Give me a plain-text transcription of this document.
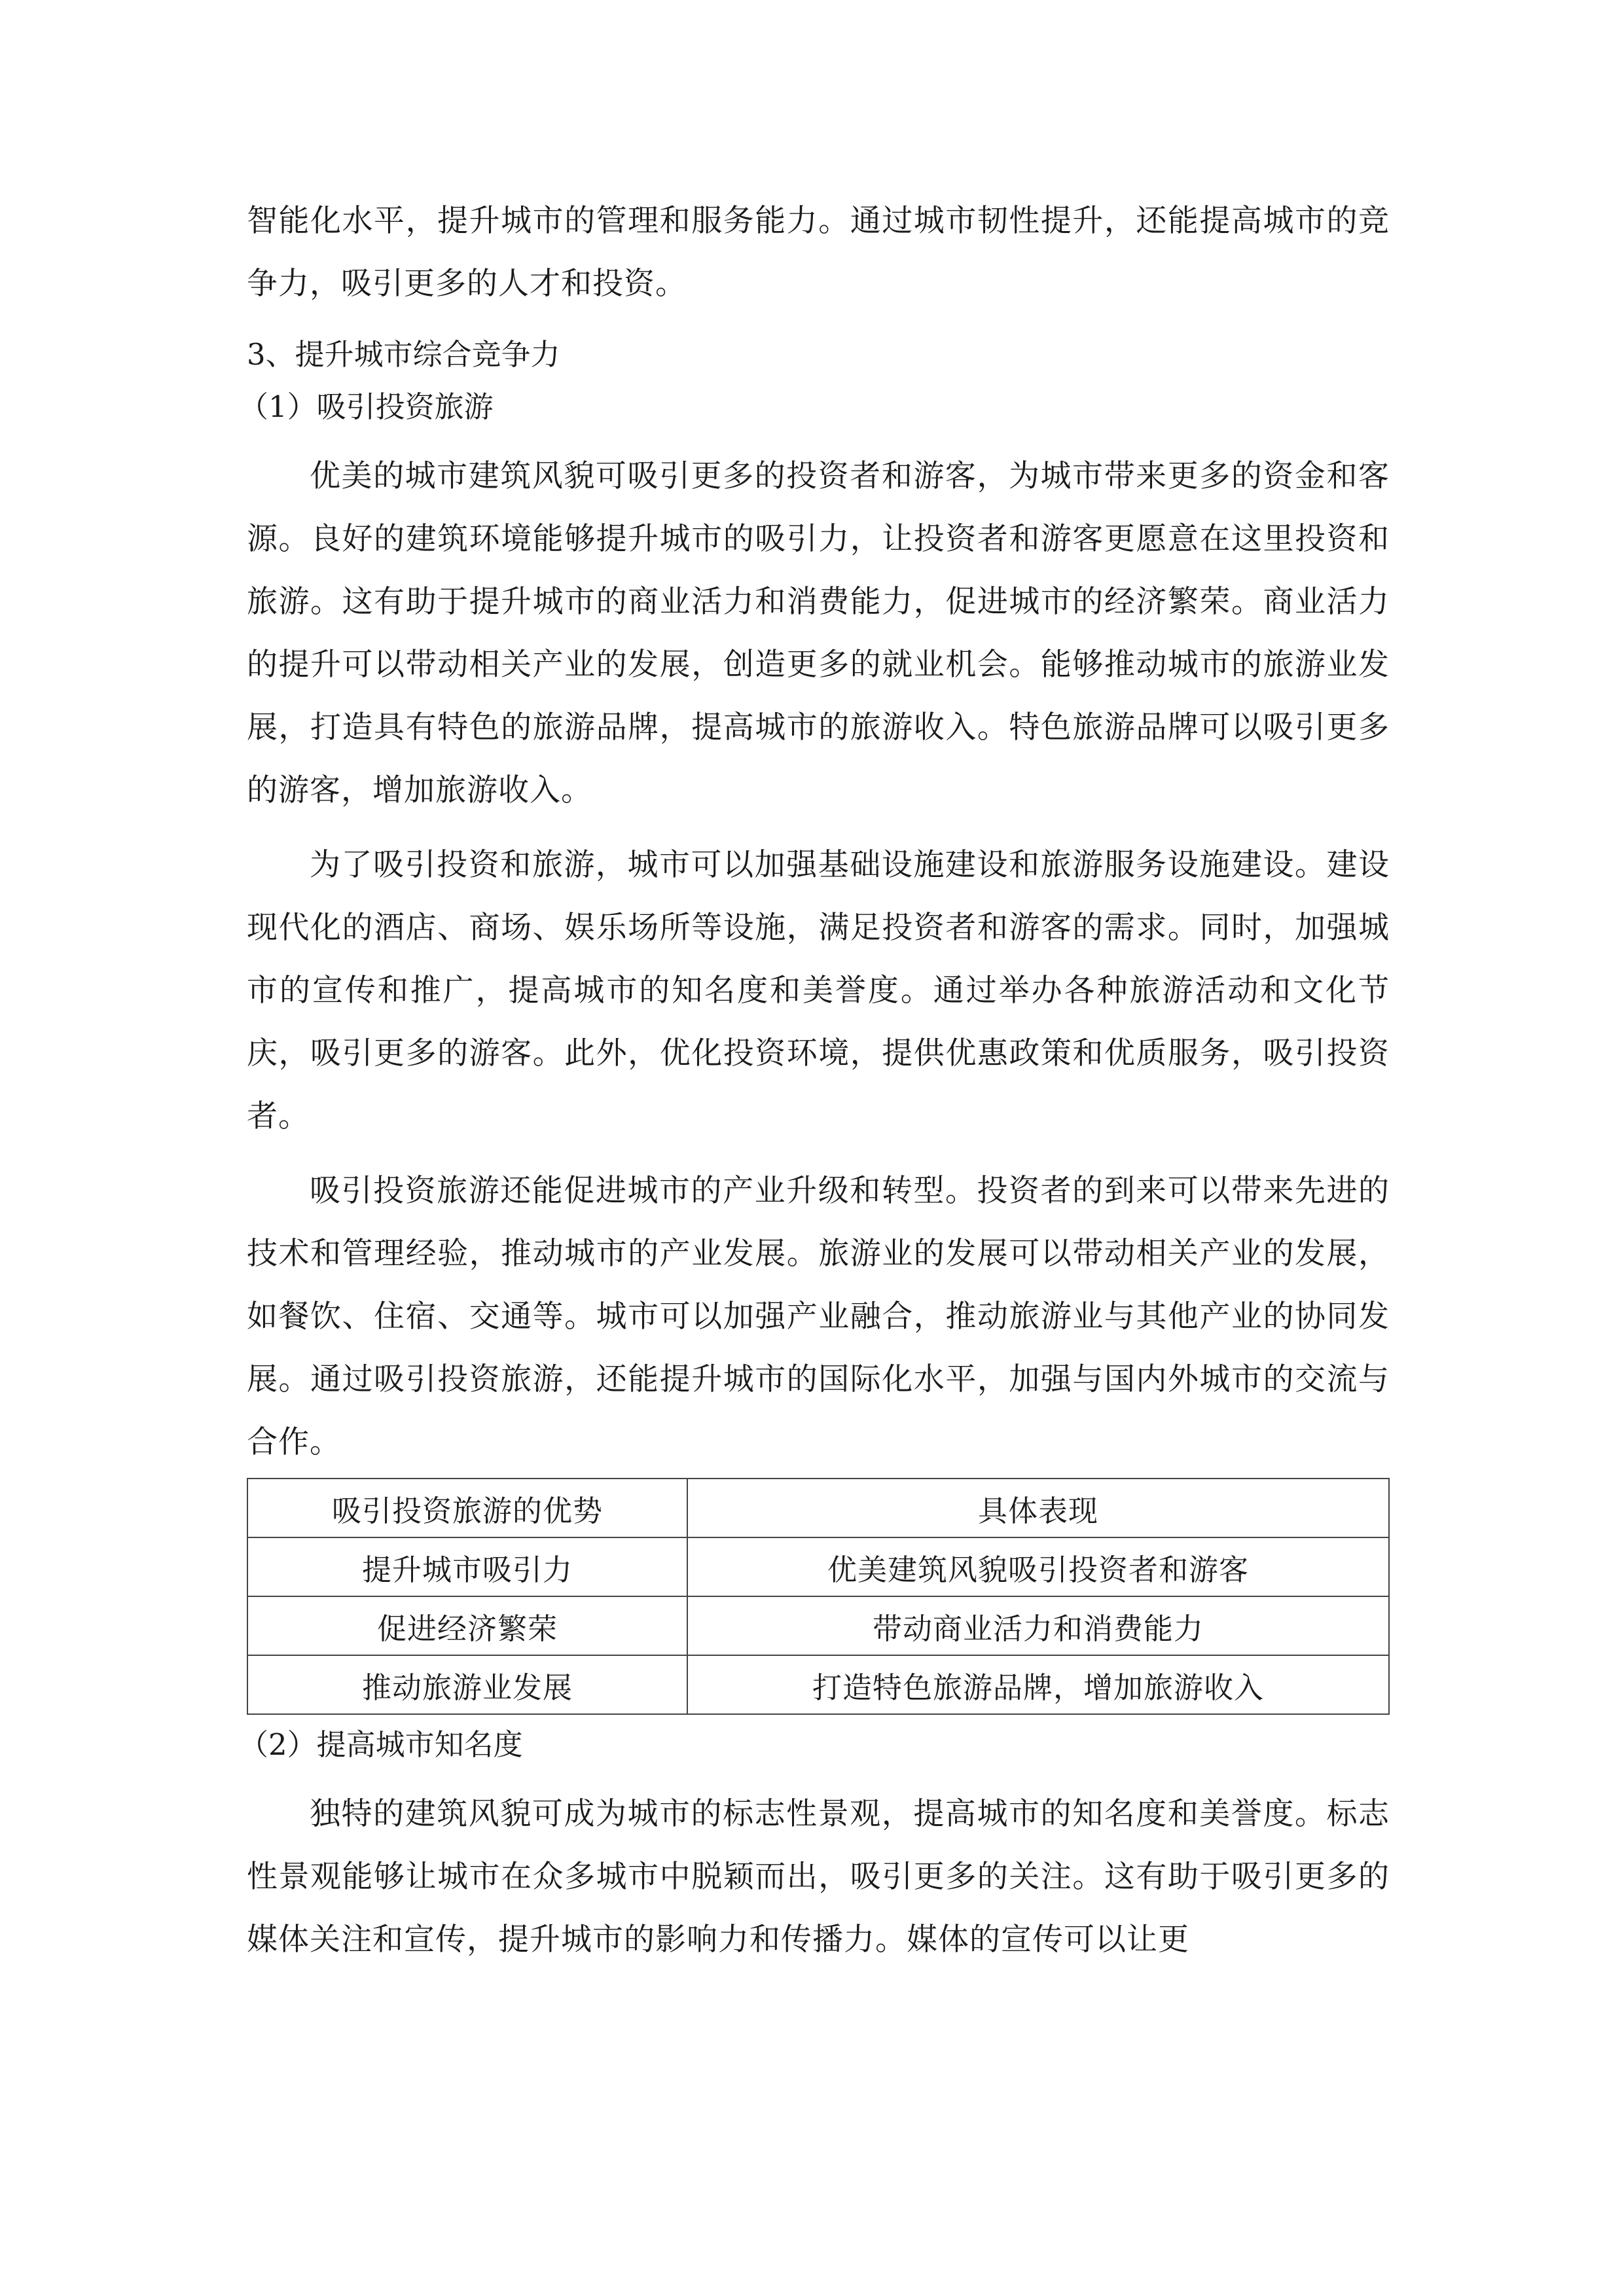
智能化水平，提升城市的管理和服务能力。通过城市韧性提升，还能提高城市的竞争力，吸引更多的人才和投资。

3、提升城市综合竞争力

（1）吸引投资旅游

优美的城市建筑风貌可吸引更多的投资者和游客，为城市带来更多的资金和客源。良好的建筑环境能够提升城市的吸引力，让投资者和游客更愿意在这里投资和旅游。这有助于提升城市的商业活力和消费能力，促进城市的经济繁荣。商业活力的提升可以带动相关产业的发展，创造更多的就业机会。能够推动城市的旅游业发展，打造具有特色的旅游品牌，提高城市的旅游收入。特色旅游品牌可以吸引更多的游客，增加旅游收入。

为了吸引投资和旅游，城市可以加强基础设施建设和旅游服务设施建设。建设现代化的酒店、商场、娱乐场所等设施，满足投资者和游客的需求。同时，加强城市的宣传和推广，提高城市的知名度和美誉度。通过举办各种旅游活动和文化节庆，吸引更多的游客。此外，优化投资环境，提供优惠政策和优质服务，吸引投资者。

吸引投资旅游还能促进城市的产业升级和转型。投资者的到来可以带来先进的技术和管理经验，推动城市的产业发展。旅游业的发展可以带动相关产业的发展，如餐饮、住宿、交通等。城市可以加强产业融合，推动旅游业与其他产业的协同发展。通过吸引投资旅游，还能提升城市的国际化水平，加强与国内外城市的交流与合作。

吸引投资旅游的优势	具体表现
提升城市吸引力	优美建筑风貌吸引投资者和游客
促进经济繁荣	带动商业活力和消费能力
推动旅游业发展	打造特色旅游品牌，增加旅游收入

（2）提高城市知名度

独特的建筑风貌可成为城市的标志性景观，提高城市的知名度和美誉度。标志性景观能够让城市在众多城市中脱颖而出，吸引更多的关注。这有助于吸引更多的媒体关注和宣传，提升城市的影响力和传播力。媒体的宣传可以让更
